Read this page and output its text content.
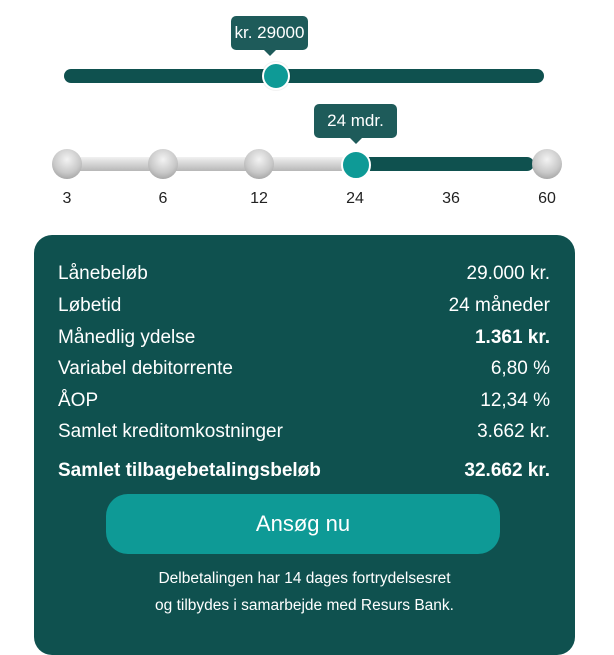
kr. 29000
24 mdr.
3	6	12	24	36	60
Lånebeløb	29.000 kr.
Løbetid	24 måneder
Månedlig ydelse	1.361 kr.
Variabel debitorrente	6,80 %
ÅOP	12,34 %
Samlet kreditomkostninger	3.662 kr.
Samlet tilbagebetalingsbeløb	32.662 kr.
Ansøg nu
Delbetalingen har 14 dages fortrydelsesret
og tilbydes i samarbejde med Resurs Bank.
